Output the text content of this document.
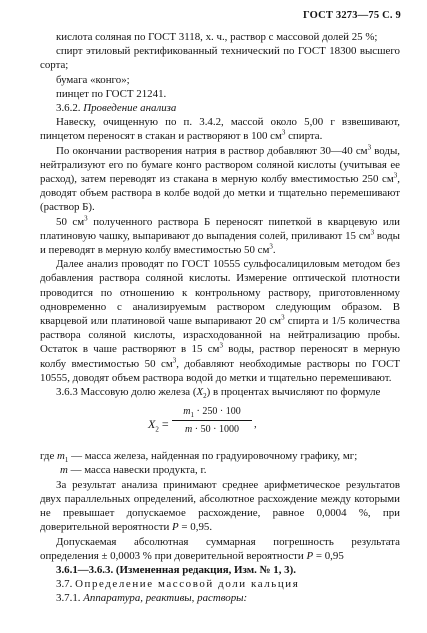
ГОСТ 3273—75 С. 9

кислота соляная по ГОСТ 3118, х. ч., раствор с массовой долей 25 %;

спирт этиловый ректификованный технический по ГОСТ 18300 высшего сорта;

бумага «конго»;

пинцет по ГОСТ 21241.

3.6.2. Проведение анализа

Навеску, очищенную по п. 3.4.2, массой около 5,00 г взвешивают, пинцетом переносят в стакан и растворяют в 100 $см^3$ спирта.

По окончании растворения натрия в раствор добавляют 30—40 $см^3$ воды, нейтрализуют его по бумаге конго раствором соляной кислоты (учитывая ее расход), затем переводят из стакана в мерную колбу вместимостью 250 $см^3$, доводят объем раствора в колбе водой до метки и тщательно перемешивают (раствор Б).

50 $см^3$ полученного раствора Б переносят пипеткой в кварцевую или платиновую чашку, выпаривают до выпадения солей, приливают 15 $см^3$ воды и переводят в мерную колбу вместимостью 50 $см^3$.

Далее анализ проводят по ГОСТ 10555 сульфосалициловым методом без добавления раствора соляной кислоты. Измерение оптической плотности проводится по отношению к контрольному раствору, приготовленному одновременно с анализируемым раствором следующим образом. В кварцевой или платиновой чаше выпаривают 20 $см^3$ спирта и 1/5 количества раствора соляной кислоты, израсходованной на нейтрализацию пробы. Остаток в чаше растворяют в 15 $см^3$ воды, раствор переносят в мерную колбу вместимостью 50 $см^3$, добавляют необходимые растворы по ГОСТ 10555, доводят объем раствора водой до метки и тщательно перемешивают.

3.6.3 Массовую долю железа $(X_2)$ в процентах вычисляют по формуле

$X_2 = \frac{m_1 \cdot 250 \cdot 100}{m \cdot 50 \cdot 1000}$ ,

где $m_1$ — масса железа, найденная по градуировочному графику, мг;

m — масса навески продукта, г.

За результат анализа принимают среднее арифметическое результатов двух параллельных определений, абсолютное расхождение между которыми не превышает допускаемое расхождение, равное 0,0004 %, при доверительной вероятности P = 0,95.

Допускаемая абсолютная суммарная погрешность результата определения ± 0,0003 % при доверительной вероятности P = 0,95

3.6.1—3.6.3. (Измененная редакция, Изм. № 1, 3).

3.7. Определение массовой доли кальция

3.7.1. Аппаратура, реактивы, растворы:
